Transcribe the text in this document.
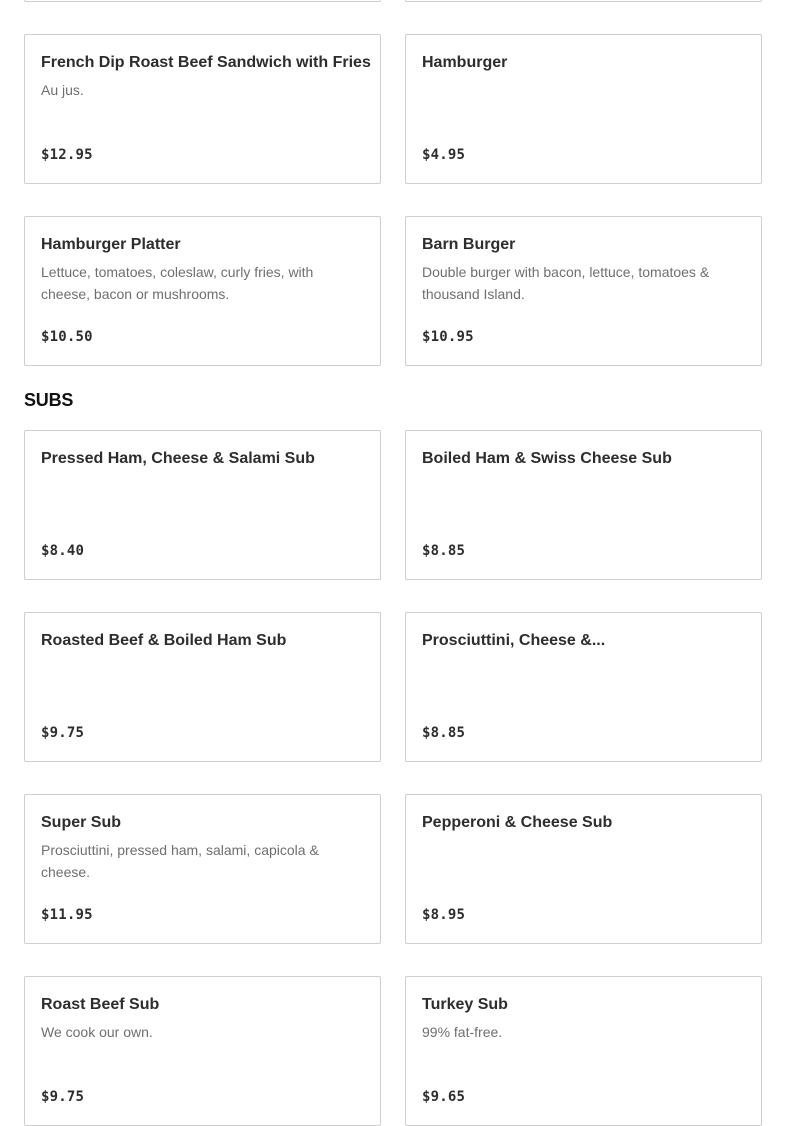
French Dip Roast Beef Sandwich with Fries
Au jus.
$12.95
Hamburger
$4.95
Hamburger Platter
Lettuce, tomatoes, coleslaw, curly fries, with cheese, bacon or mushrooms.
$10.50
Barn Burger
Double burger with bacon, lettuce, tomatoes & thousand Island.
$10.95
SUBS
Pressed Ham, Cheese & Salami Sub
$8.40
Boiled Ham & Swiss Cheese Sub
$8.85
Roasted Beef & Boiled Ham Sub
$9.75
Prosciuttini, Cheese &...
$8.85
Super Sub
Prosciuttini, pressed ham, salami, capicola & cheese.
$11.95
Pepperoni & Cheese Sub
$8.95
Roast Beef Sub
We cook our own.
$9.75
Turkey Sub
99% fat-free.
$9.65
